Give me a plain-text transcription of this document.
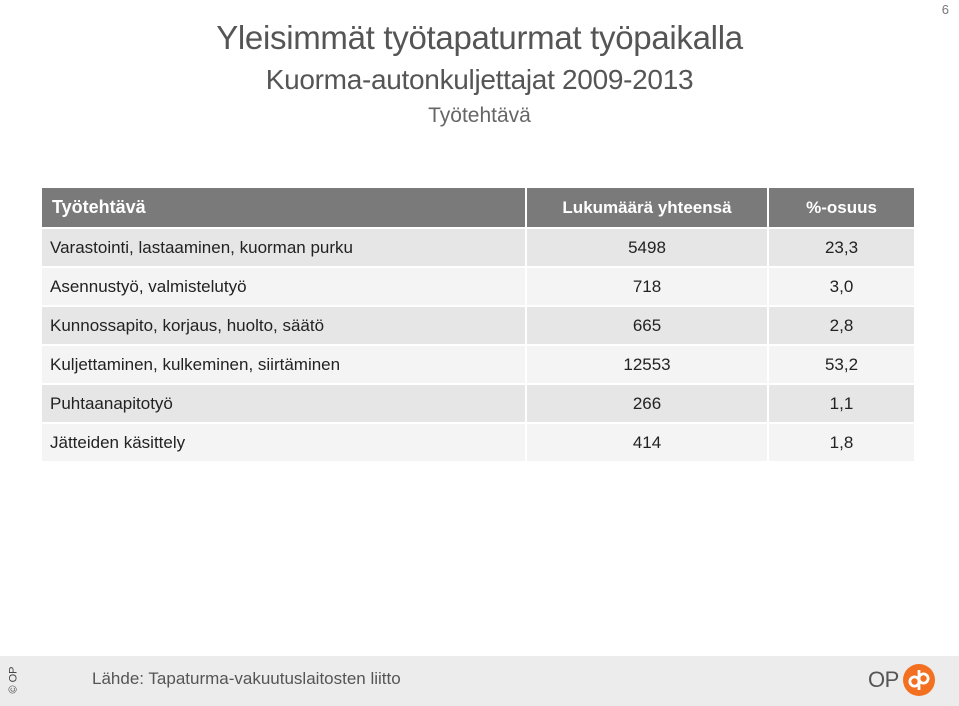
6
Yleisimmät työtapaturmat työpaikalla
Kuorma-autonkuljettajat 2009-2013
Työtehtävä
Työtehtävä	Lukumäärä yhteensä	%-osuus
Varastointi, lastaaminen, kuorman purku	5498	23,3
Asennustyö, valmistelutyö	718	3,0
Kunnossapito, korjaus, huolto, säätö	665	2,8
Kuljettaminen, kulkeminen, siirtäminen	12553	53,2
Puhtaanapitotyö	266	1,1
Jätteiden käsittely	414	1,8
© OP	Lähde: Tapaturma-vakuutuslaitosten liitto	OP
